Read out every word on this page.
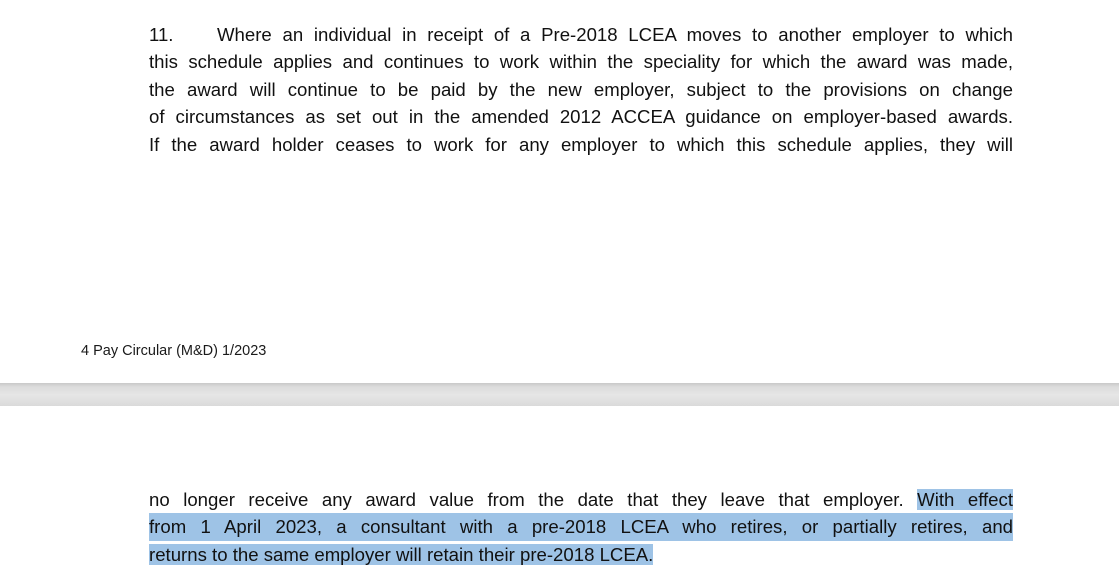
11. Where an individual in receipt of a Pre-2018 LCEA moves to another employer to which
this schedule applies and continues to work within the speciality for which the award was made,
the award will continue to be paid by the new employer, subject to the provisions on change
of circumstances as set out in the amended 2012 ACCEA guidance on employer-based awards.
If the award holder ceases to work for any employer to which this schedule applies, they will
4 Pay Circular (M&D) 1/2023
no longer receive any award value from the date that they leave that employer. With effect
from 1 April 2023, a consultant with a pre-2018 LCEA who retires, or partially retires, and
returns to the same employer will retain their pre-2018 LCEA.
